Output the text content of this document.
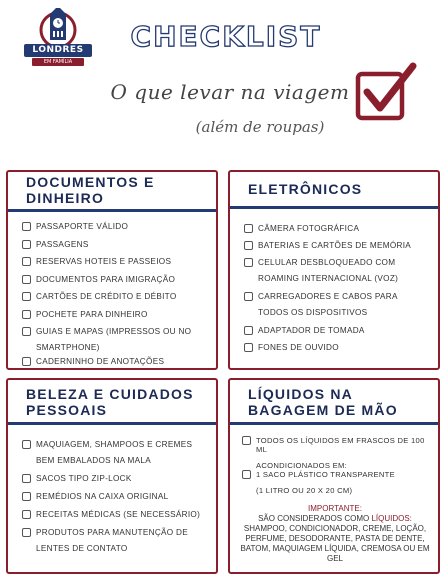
LONDRES
EM FAMÍLIA
CHECKLIST
O que levar na viagem
(além de roupas)
DOCUMENTOS E
DINHEIRO
PASSAPORTE VÁLIDO
PASSAGENS
RESERVAS HOTEIS E PASSEIOS
DOCUMENTOS PARA IMIGRAÇÃO
CARTÕES DE CRÉDITO E DÉBITO
POCHETE PARA DINHEIRO
GUIAS E MAPAS (IMPRESSOS OU NO
SMARTPHONE)
CADERNINHO DE ANOTAÇÕES
ELETRÔNICOS
CÂMERA FOTOGRÁFICA
BATERIAS E CARTÕES DE MEMÓRIA
CELULAR DESBLOQUEADO COM
ROAMING INTERNACIONAL (VOZ)
CARREGADORES E CABOS PARA
TODOS OS DISPOSITIVOS
ADAPTADOR DE TOMADA
FONES DE OUVIDO
BELEZA E CUIDADOS
PESSOAIS
MAQUIAGEM, SHAMPOOS E CREMES
BEM EMBALADOS NA MALA
SACOS TIPO ZIP-LOCK
REMÉDIOS NA CAIXA ORIGINAL
RECEITAS MÉDICAS (SE NECESSÁRIO)
PRODUTOS PARA MANUTENÇÃO DE
LENTES DE CONTATO
LÍQUIDOS NA
BAGAGEM DE MÃO
TODOS OS LÍQUIDOS EM FRASCOS DE 100 ML
ACONDICIONADOS EM:
1 SACO PLÁSTICO TRANSPARENTE
(1 LITRO OU 20 X 20 CM)
IMPORTANTE:
SÃO CONSIDERADOS COMO LÍQUIDOS:
SHAMPOO, CONDICIONADOR, CREME, LOÇÃO, PERFUME, DESODORANTE, PASTA DE DENTE, BATOM, MAQUIAGEM LÍQUIDA, CREMOSA OU EM GEL
